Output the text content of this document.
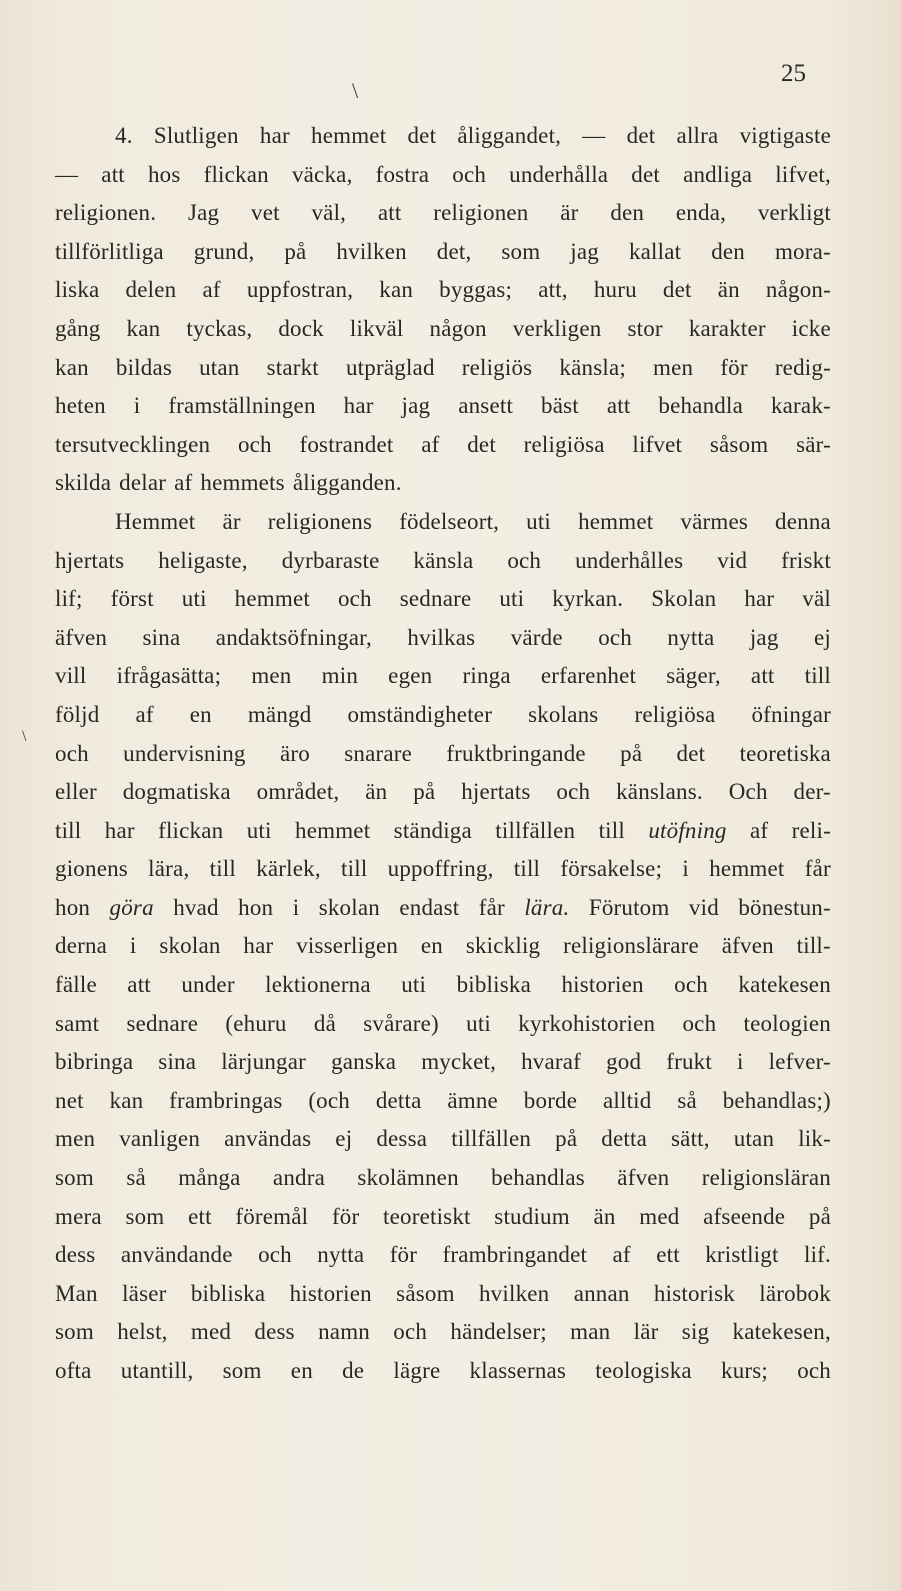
25
\
\
4. Slutligen har hemmet det åliggandet, — det allra vigtigaste
— att hos flickan väcka, fostra och underhålla det andliga lifvet,
religionen. Jag vet väl, att religionen är den enda, verkligt
tillförlitliga grund, på hvilken det, som jag kallat den mora-
liska delen af uppfostran, kan byggas; att, huru det än någon-
gång kan tyckas, dock likväl någon verkligen stor karakter icke
kan bildas utan starkt utpräglad religiös känsla; men för redig-
heten i framställningen har jag ansett bäst att behandla karak-
tersutvecklingen och fostrandet af det religiösa lifvet såsom sär-
skilda delar af hemmets åligganden.
Hemmet är religionens födelseort, uti hemmet värmes denna
hjertats heligaste, dyrbaraste känsla och underhålles vid friskt
lif; först uti hemmet och sednare uti kyrkan. Skolan har väl
äfven sina andaktsöfningar, hvilkas värde och nytta jag ej
vill ifrågasätta; men min egen ringa erfarenhet säger, att till
följd af en mängd omständigheter skolans religiösa öfningar
och undervisning äro snarare fruktbringande på det teoretiska
eller dogmatiska området, än på hjertats och känslans. Och der-
till har flickan uti hemmet ständiga tillfällen till utöfning af reli-
gionens lära, till kärlek, till uppoffring, till försakelse; i hemmet får
hon göra hvad hon i skolan endast får lära. Förutom vid bönestun-
derna i skolan har visserligen en skicklig religionslärare äfven till-
fälle att under lektionerna uti bibliska historien och katekesen
samt sednare (ehuru då svårare) uti kyrkohistorien och teologien
bibringa sina lärjungar ganska mycket, hvaraf god frukt i lefver-
net kan frambringas (och detta ämne borde alltid så behandlas;)
men vanligen användas ej dessa tillfällen på detta sätt, utan lik-
som så många andra skolämnen behandlas äfven religionsläran
mera som ett föremål för teoretiskt studium än med afseende på
dess användande och nytta för frambringandet af ett kristligt lif.
Man läser bibliska historien såsom hvilken annan historisk lärobok
som helst, med dess namn och händelser; man lär sig katekesen,
ofta utantill, som en de lägre klassernas teologiska kurs; och
